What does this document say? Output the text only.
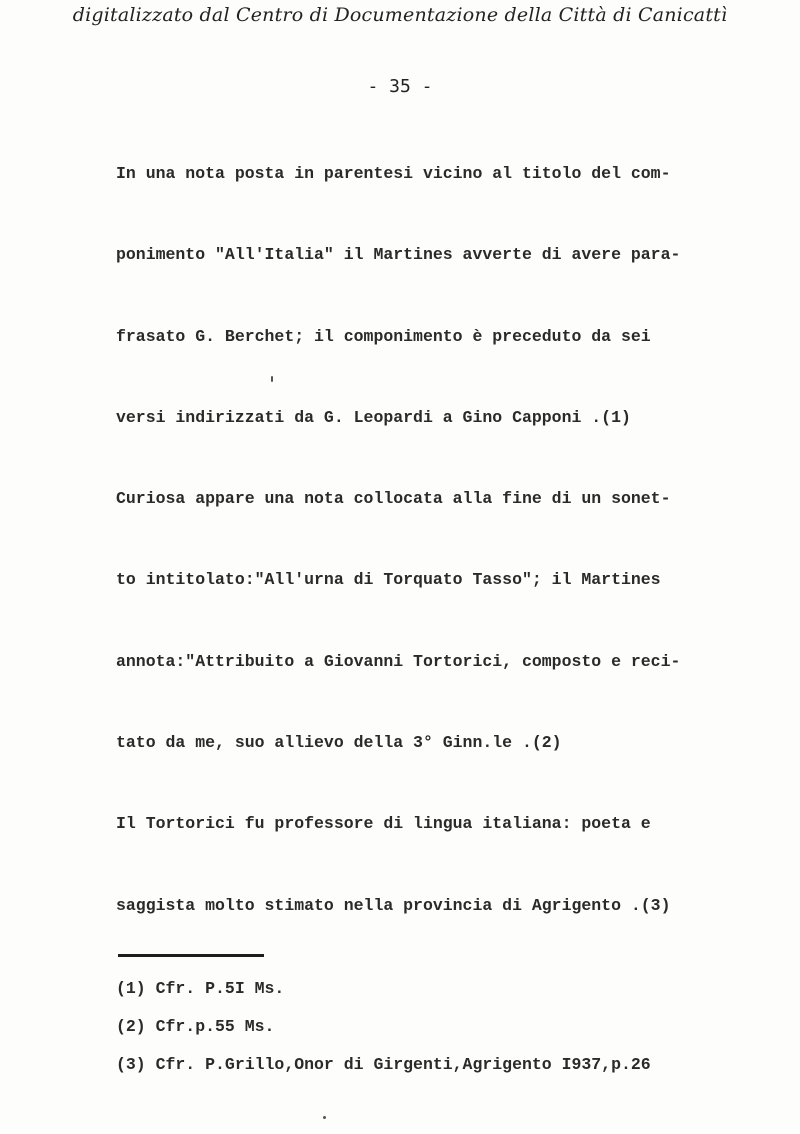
digitalizzato dal Centro di Documentazione della Città di Canicattì
- 35 -
In una nota posta in parentesi vicino al titolo del com-
ponimento "All'Italia" il Martines avverte di avere para-
frasato G. Berchet; il componimento è preceduto da sei
versi indirizzati da G. Leopardi a Gino Capponi .(1)
Curiosa appare una nota collocata alla fine di un sonet-
to intitolato:"All'urna di Torquato Tasso"; il Martines
annota:"Attribuito a Giovanni Tortorici, composto e reci-
tato da me, suo allievo della 3° Ginn.le .(2)
Il Tortorici fu professore di lingua italiana: poeta e
saggista molto stimato nella provincia di Agrigento .(3)
(1) Cfr. P.5I Ms.
(2) Cfr.p.55 Ms.
(3) Cfr. P.Grillo,Onor di Girgenti,Agrigento I937,p.26
